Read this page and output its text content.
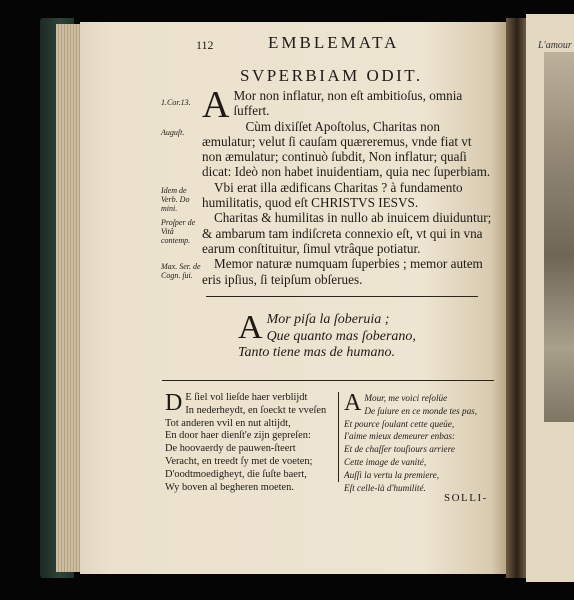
L'amour
112	EMBLEMATA
SVPERBIAM ODIT.
1.Cor.13.
Auguſt.
Idem de Verb. Do mini.
Proſper de Vitâ contemp.
Max. Ser. de Cogn. ſui.

A Mor non inflatur, non eſt ambitioſus, omnia ſuffert.

Cùm dixiſſet Apoſtolus, Charitas non æmulatur; velut ſi cauſam quæreremus, vnde fiat vt non æmulatur; continuò ſubdit, Non inflatur; quaſi dicat: Ideò non habet inuidentiam, quia nec ſuperbiam.

Vbi erat illa ædificans Charitas ? à fundamento humilitatis, quod eſt CHRISTVS IESVS.

Charitas & humilitas in nullo ab inuicem diuiduntur; & ambarum tam indiſcreta connexio eſt, vt qui in vna earum conſtituitur, ſimul vtrâque potiatur.

Memor naturæ numquam ſuperbies ; memor autem eris ipſius, ſi teipſum obſerues.

A Mor piſa la ſoberuia ;
Que quanto mas ſoberano,
Tanto tiene mas de humano.
D E ſiel vol lieſde haer verblijdt
In nederheydt, en ſoeckt te vveſen
Tot anderen vvil en nut altijdt,
En door haer dienſt'e zijn gepreſen:
De hoovaerdy de pauwen-ſteert
Veracht, en treedt ſy met de voeten;
D'oodtmoedigheyt, die ſuſte baert,
Wy boven al begheren moeten.
A Mour, me voici reſolüe
De ſuiure en ce monde tes pas,
Et pource ſoulant cette queüe,
I'aime mieux demeurer enbas:
Et de chaſſer touſiours arriere
Cette image de vanité,
Auſſi la vertu la premiere,
Eſt celle-là d'humilité.
SOLLI-
